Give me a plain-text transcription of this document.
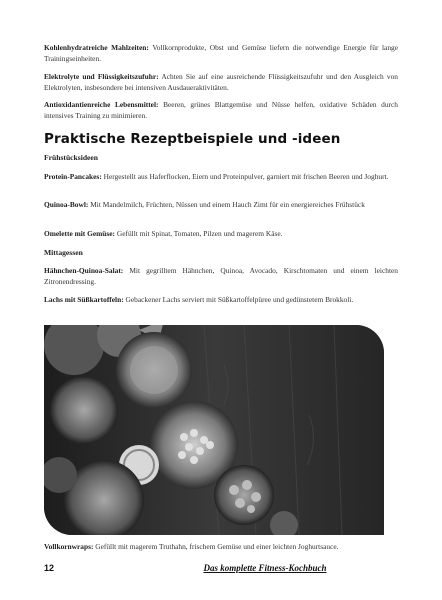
Kohlenhydratreiche Mahlzeiten: Vollkornprodukte, Obst und Gemüse liefern die notwendige Energie für lange Trainingseinheiten.

Elektrolyte und Flüssigkeitszufuhr: Achten Sie auf eine ausreichende Flüssigkeitszufuhr und den Ausgleich von Elektrolyten, insbesondere bei intensiven Ausdaueraktivitäten.

Antioxidantienreiche Lebensmittel: Beeren, grünes Blattgemüse und Nüsse helfen, oxidative Schäden durch intensives Training zu minimieren.

Praktische Rezeptbeispiele und -ideen
Frühstücksideen

Protein-Pancakes: Hergestellt aus Haferflocken, Eiern und Proteinpulver, garniert mit frischen Beeren und Joghurt.

Quinoa-Bowl: Mit Mandelmilch, Früchten, Nüssen und einem Hauch Zimt für ein energiereiches Frühstück

Omelette mit Gemüse: Gefüllt mit Spinat, Tomaten, Pilzen und magerem Käse.

Mittagessen

Hähnchen-Quinoa-Salat: Mit gegrilltem Hähnchen, Quinoa, Avocado, Kirschtomaten und einem leichten Zitronendressing.

Lachs mit Süßkartoffeln: Gebackener Lachs serviert mit Süßkartoffelpüree und gedünstetem Brokkoli.

Vollkornwraps: Gefüllt mit magerem Truthahn, frischem Gemüse und einer leichten Joghurtsauce.

12	Das komplette Fitness-Kochbuch
